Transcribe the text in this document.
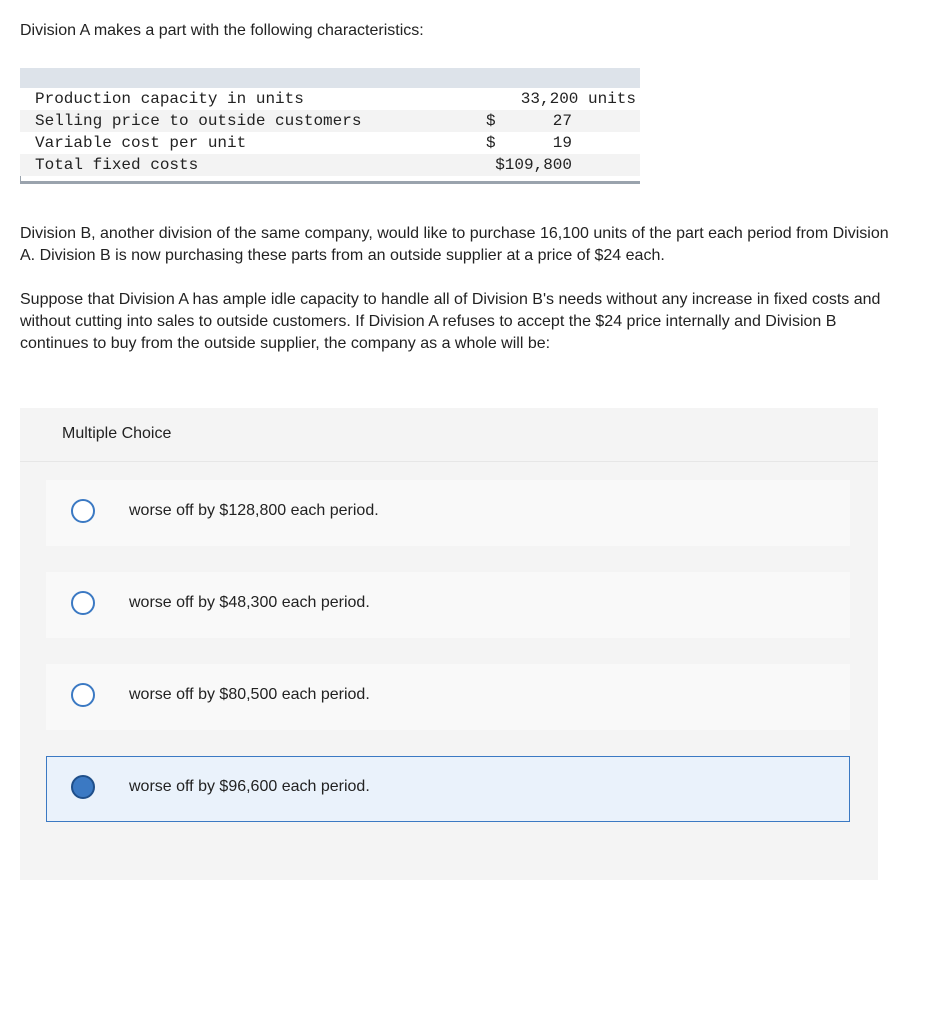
Division A makes a part with the following characteristics:
Production capacity in units	33,200 units
Selling price to outside customers	$	27
Variable cost per unit	$	19
Total fixed costs	$109,800
Division B, another division of the same company, would like to purchase 16,100 units of the part each period from Division A. Division B is now purchasing these parts from an outside supplier at a price of $24 each.
Suppose that Division A has ample idle capacity to handle all of Division B's needs without any increase in fixed costs and without cutting into sales to outside customers. If Division A refuses to accept the $24 price internally and Division B continues to buy from the outside supplier, the company as a whole will be:
Multiple Choice
worse off by $128,800 each period.
worse off by $48,300 each period.
worse off by $80,500 each period.
worse off by $96,600 each period.
